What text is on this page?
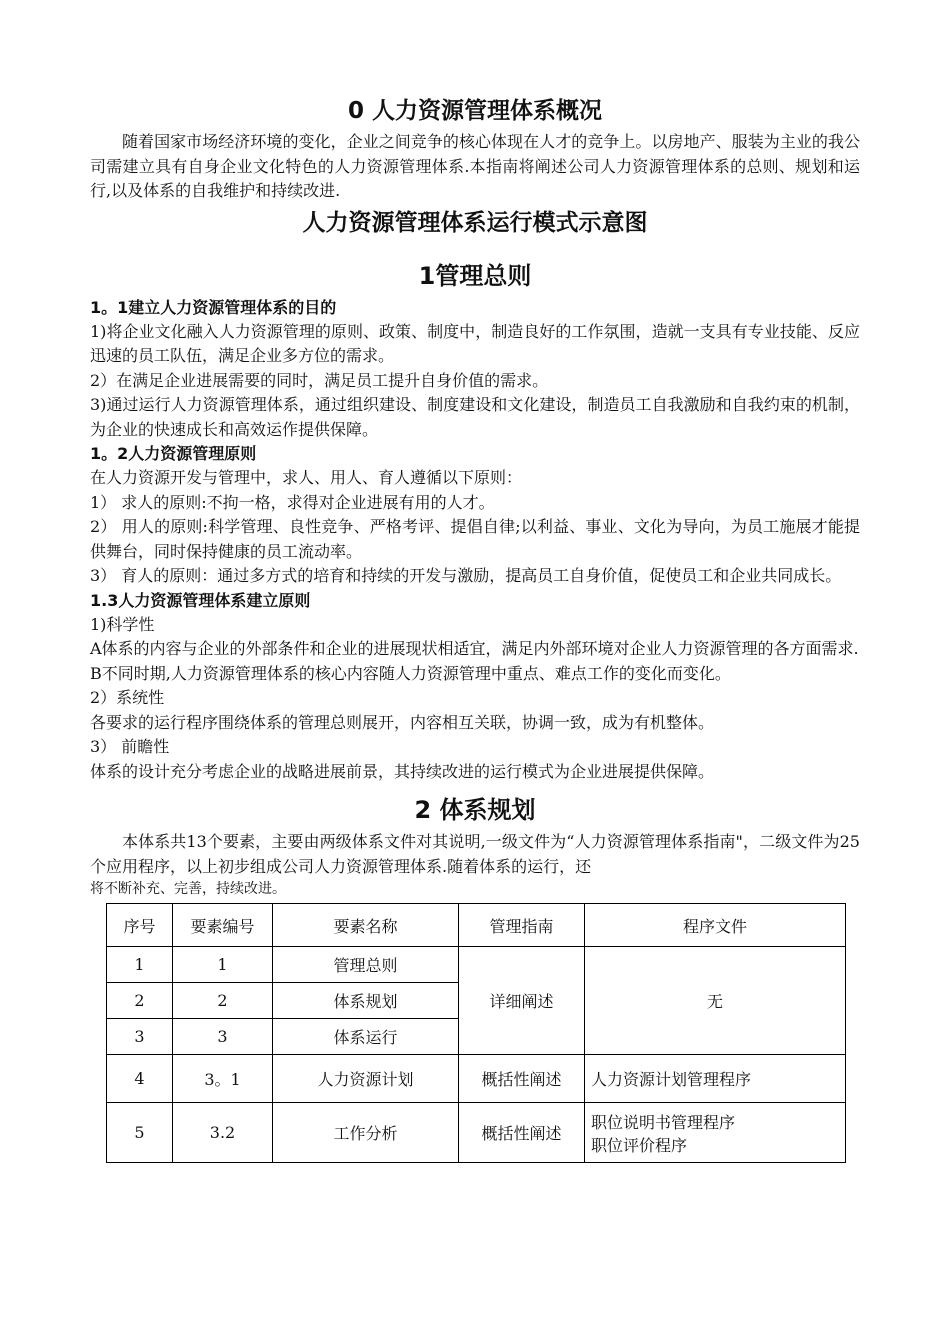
0 人力资源管理体系概况

随着国家市场经济环境的变化，企业之间竞争的核心体现在人才的竞争上。以房地产、服装为主业的我公司需建立具有自身企业文化特色的人力资源管理体系.本指南将阐述公司人力资源管理体系的总则、规划和运行,以及体系的自我维护和持续改进.

人力资源管理体系运行模式示意图
1管理总则
1。1建立人力资源管理体系的目的

1)将企业文化融入人力资源管理的原则、政策、制度中，制造良好的工作氛围，造就一支具有专业技能、反应迅速的员工队伍，满足企业多方位的需求。

2）在满足企业进展需要的同时，满足员工提升自身价值的需求。

3)通过运行人力资源管理体系，通过组织建设、制度建设和文化建设，制造员工自我激励和自我约束的机制，为企业的快速成长和高效运作提供保障。

1。2人力资源管理原则

在人力资源开发与管理中，求人、用人、育人遵循以下原则：

1） 求人的原则:不拘一格，求得对企业进展有用的人才。

2） 用人的原则:科学管理、良性竞争、严格考评、提倡自律;以利益、事业、文化为导向，为员工施展才能提供舞台，同时保持健康的员工流动率。

3） 育人的原则：通过多方式的培育和持续的开发与激励，提高员工自身价值，促使员工和企业共同成长。

1.3人力资源管理体系建立原则

1)科学性

A体系的内容与企业的外部条件和企业的进展现状相适宜，满足内外部环境对企业人力资源管理的各方面需求.

B不同时期,人力资源管理体系的核心内容随人力资源管理中重点、难点工作的变化而变化。

2）系统性

各要求的运行程序围绕体系的管理总则展开，内容相互关联，协调一致，成为有机整体。

3） 前瞻性

体系的设计充分考虑企业的战略进展前景，其持续改进的运行模式为企业进展提供保障。

2 体系规划

本体系共13个要素，主要由两级体系文件对其说明,一级文件为“人力资源管理体系指南"，二级文件为25个应用程序，以上初步组成公司人力资源管理体系.随着体系的运行，还

将不断补充、完善，持续改进。

序号	要素编号	要素名称	管理指南	程序文件
1	1	管理总则	详细阐述	无
2	2	体系规划		
3	3	体系运行		
4	3。1	人力资源计划	概括性阐述	人力资源计划管理程序
5	3.2	工作分析	概括性阐述	职位说明书管理程序
职位评价程序
